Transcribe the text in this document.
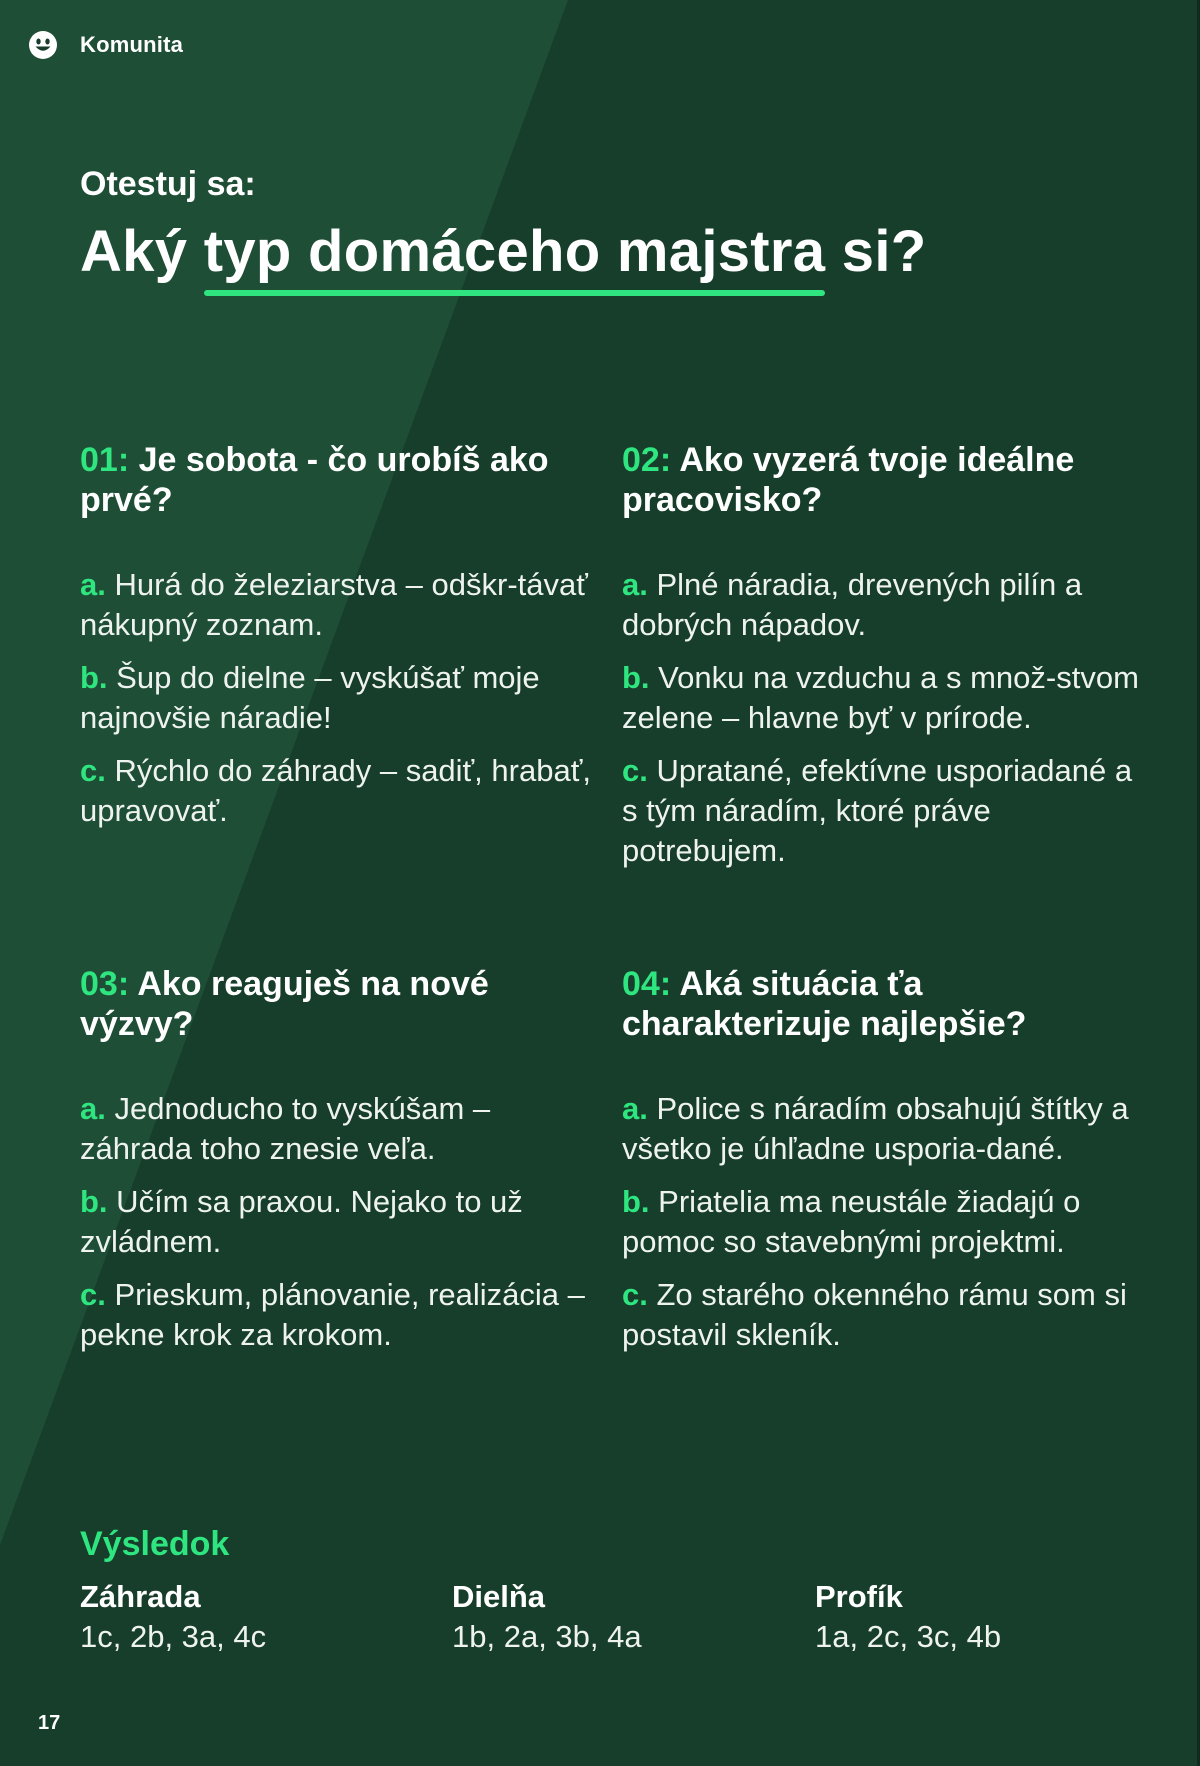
Komunita
Otestuj sa:
Aký typ domáceho majstra si?

01: Je sobota - čo urobíš ako prvé?

a. Hurá do železiarstva – odškr-távať nákupný zoznam.
b. Šup do dielne – vyskúšať moje najnovšie náradie!
c. Rýchlo do záhrady – sadiť, hrabať, upravovať.

02: Ako vyzerá tvoje ideálne pracovisko?

a. Plné náradia, drevených pilín a dobrých nápadov.
b. Vonku na vzduchu a s množ-stvom zelene – hlavne byť v prírode.
c. Upratané, efektívne usporiadané a s tým náradím, ktoré práve potrebujem.

03: Ako reaguješ na nové výzvy?

a. Jednoducho to vyskúšam – záhrada toho znesie veľa.
b. Učím sa praxou. Nejako to už zvládnem.
c. Prieskum, plánovanie, realizácia – pekne krok za krokom.

04: Aká situácia ťa charakterizuje najlepšie?

a. Police s náradím obsahujú štítky a všetko je úhľadne usporia-dané.
b. Priatelia ma neustále žiadajú o pomoc so stavebnými projektmi.
c. Zo starého okenného rámu som si postavil skleník.
Výsledok
Záhrada
1c, 2b, 3a, 4c
Dielňa
1b, 2a, 3b, 4a
Profík
1a, 2c, 3c, 4b
17
